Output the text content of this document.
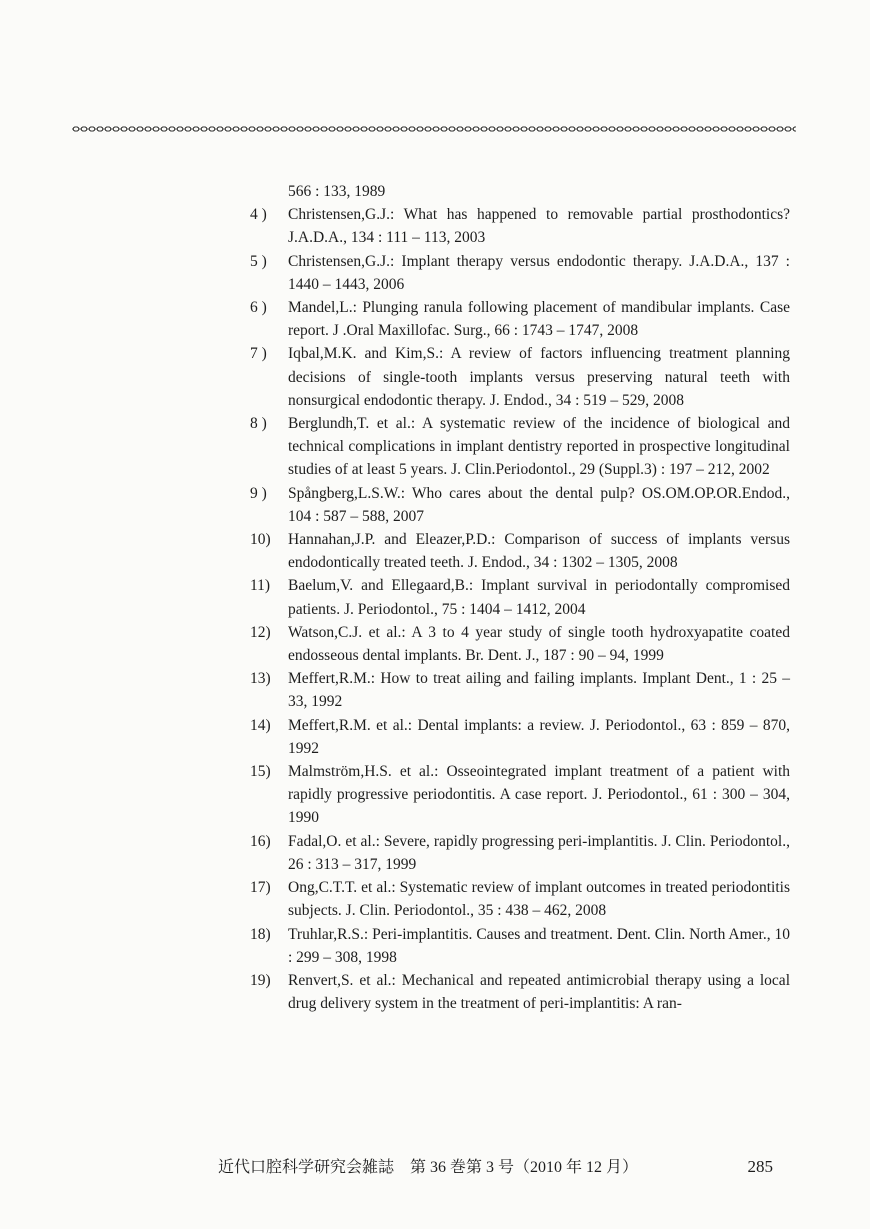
566 : 133, 1989
4 )	Christensen,G.J.: What has happened to removable partial prosthodontics? J.A.D.A., 134 : 111 – 113, 2003
5 )	Christensen,G.J.: Implant therapy versus endodontic therapy. J.A.D.A., 137 : 1440 – 1443, 2006
6 )	Mandel,L.: Plunging ranula following placement of mandibular implants. Case report. J .Oral Maxillofac. Surg., 66 : 1743 – 1747, 2008
7 )	Iqbal,M.K. and Kim,S.: A review of factors influencing treatment planning decisions of single-tooth implants versus preserving natural teeth with nonsurgical endodontic therapy. J. Endod., 34 : 519 – 529, 2008
8 )	Berglundh,T. et al.: A systematic review of the incidence of biological and technical complications in implant dentistry reported in prospective longitudinal studies of at least 5 years. J. Clin.Periodontol., 29 (Suppl.3) : 197 – 212, 2002
9 )	Spångberg,L.S.W.: Who cares about the dental pulp? OS.OM.OP.OR.Endod., 104 : 587 – 588, 2007
10)	Hannahan,J.P. and Eleazer,P.D.: Comparison of success of implants versus endodontically treated teeth. J. Endod., 34 : 1302 – 1305, 2008
11)	Baelum,V. and Ellegaard,B.: Implant survival in periodontally compromised patients. J. Periodontol., 75 : 1404 – 1412, 2004
12)	Watson,C.J. et al.: A 3 to 4 year study of single tooth hydroxyapatite coated endosseous dental implants. Br. Dent. J., 187 : 90 – 94, 1999
13)	Meffert,R.M.: How to treat ailing and failing implants. Implant Dent., 1 : 25 – 33, 1992
14)	Meffert,R.M. et al.: Dental implants: a review. J. Periodontol., 63 : 859 – 870, 1992
15)	Malmström,H.S. et al.: Osseointegrated implant treatment of a patient with rapidly progressive periodontitis. A case report. J. Periodontol., 61 : 300 – 304, 1990
16)	Fadal,O. et al.: Severe, rapidly progressing peri-implantitis. J. Clin. Periodontol., 26 : 313 – 317, 1999
17)	Ong,C.T.T. et al.: Systematic review of implant outcomes in treated periodontitis subjects. J. Clin. Periodontol., 35 : 438 – 462, 2008
18)	Truhlar,R.S.: Peri-implantitis. Causes and treatment. Dent. Clin. North Amer., 10 : 299 – 308, 1998
19)	Renvert,S. et al.: Mechanical and repeated antimicrobial therapy using a local drug delivery system in the treatment of peri-implantitis: A ran-
近代口腔科学研究会雑誌　第 36 巻第 3 号（2010 年 12 月）	285
